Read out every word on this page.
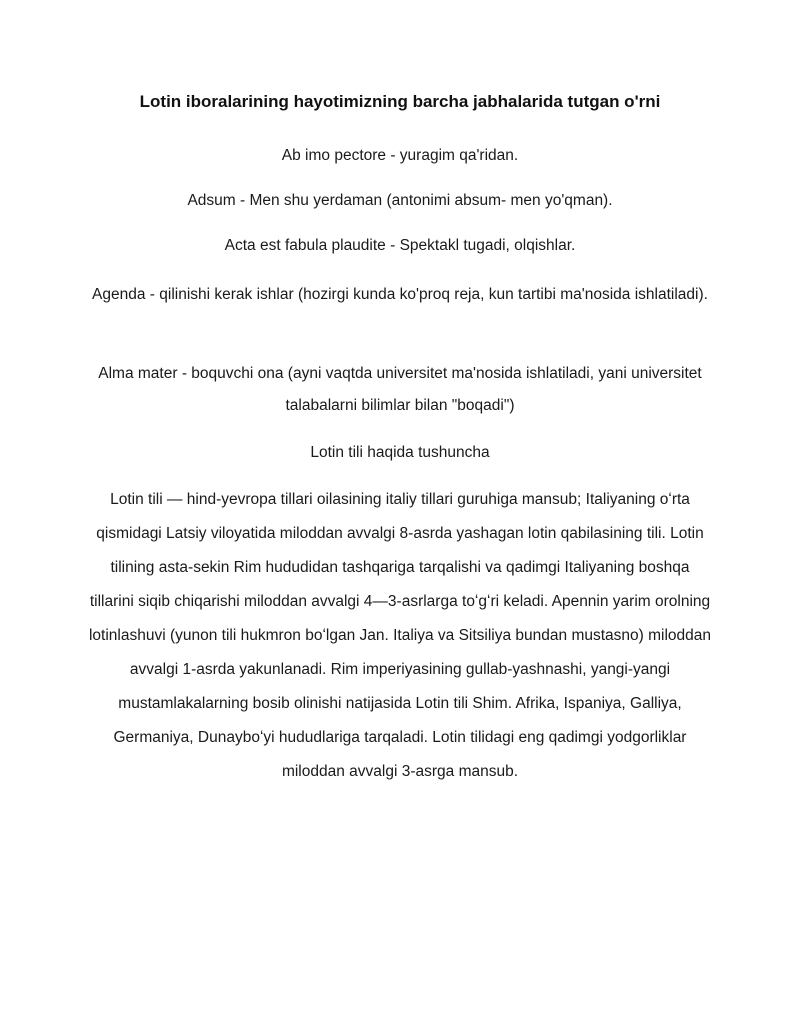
Lotin iboralarining hayotimizning barcha jabhalarida tutgan o'rni
Ab imo pectore - yuragim qa'ridan.
Adsum - Men shu yerdaman (antonimi absum- men yo'qman).
Acta est fabula plaudite - Spektakl tugadi, olqishlar.
Agenda - qilinishi kerak ishlar (hozirgi kunda ko'proq reja, kun tartibi ma'nosida ishlatiladi).
Alma mater - boquvchi ona (ayni vaqtda universitet ma'nosida ishlatiladi, yani universitet talabalarni bilimlar bilan "boqadi")
Lotin tili haqida tushuncha
Lotin tili — hind-yevropa tillari oilasining italiy tillari guruhiga mansub; Italiyaning oʻrta qismidagi Latsiy viloyatida miloddan avvalgi 8-asrda yashagan lotin qabilasining tili. Lotin tilining asta-sekin Rim hududidan tashqariga tarqalishi va qadimgi Italiyaning boshqa tillarini siqib chiqarishi miloddan avvalgi 4—3-asrlarga toʻgʻri keladi. Apennin yarim orolning lotinlashuvi (yunon tili hukmron boʻlgan Jan. Italiya va Sitsiliya bundan mustasno) miloddan avvalgi 1-asrda yakunlanadi. Rim imperiyasining gullab-yashnashi, yangi-yangi mustamlakalarning bosib olinishi natijasida Lotin tili Shim. Afrika, Ispaniya, Galliya, Germaniya, Dunayboʻyi hududlariga tarqaladi. Lotin tilidagi eng qadimgi yodgorliklar miloddan avvalgi 3-asrga mansub.
